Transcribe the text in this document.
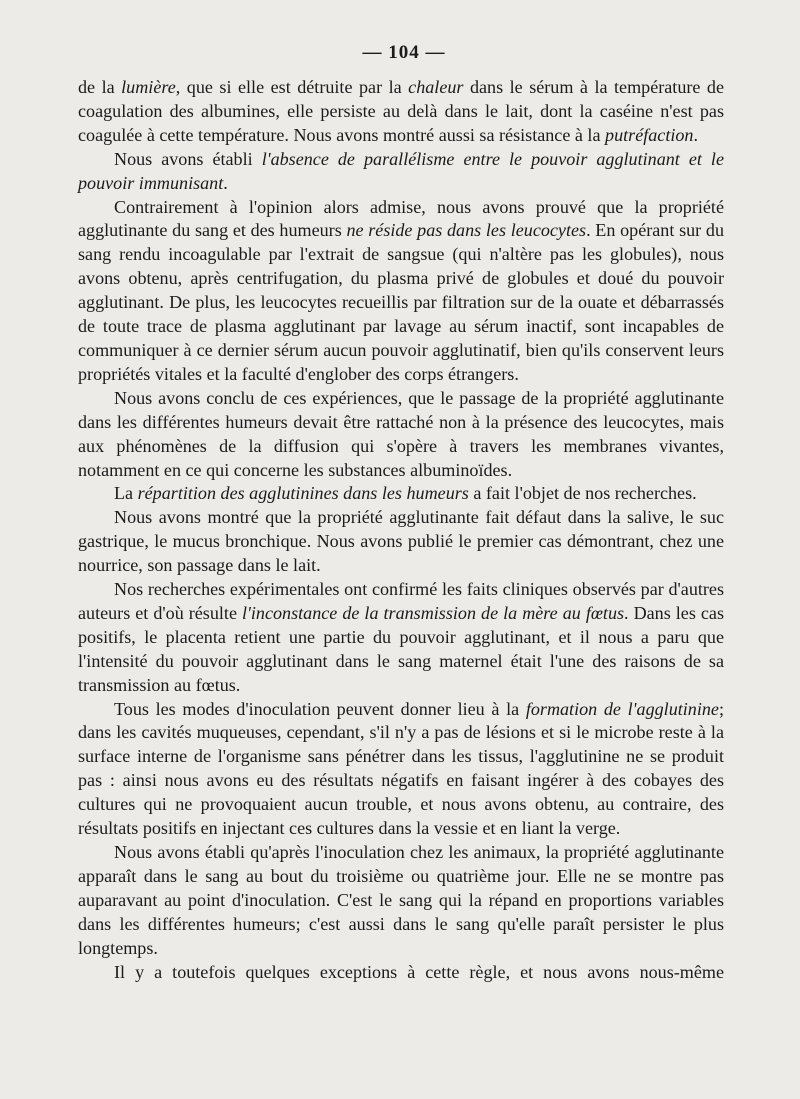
— 104 —

de la lumière, que si elle est détruite par la chaleur dans le sérum à la température de coagulation des albumines, elle persiste au delà dans le lait, dont la caséine n'est pas coagulée à cette température. Nous avons montré aussi sa résistance à la putréfaction.

Nous avons établi l'absence de parallélisme entre le pouvoir agglutinant et le pouvoir immunisant.

Contrairement à l'opinion alors admise, nous avons prouvé que la propriété agglutinante du sang et des humeurs ne réside pas dans les leucocytes. En opérant sur du sang rendu incoagulable par l'extrait de sangsue (qui n'altère pas les globules), nous avons obtenu, après centrifugation, du plasma privé de globules et doué du pouvoir agglutinant. De plus, les leucocytes recueillis par filtration sur de la ouate et débarrassés de toute trace de plasma agglutinant par lavage au sérum inactif, sont incapables de communiquer à ce dernier sérum aucun pouvoir agglutinatif, bien qu'ils conservent leurs propriétés vitales et la faculté d'englober des corps étrangers.

Nous avons conclu de ces expériences, que le passage de la propriété agglutinante dans les différentes humeurs devait être rattaché non à la présence des leucocytes, mais aux phénomènes de la diffusion qui s'opère à travers les membranes vivantes, notamment en ce qui concerne les substances albuminoïdes.

La répartition des agglutinines dans les humeurs a fait l'objet de nos recherches.

Nous avons montré que la propriété agglutinante fait défaut dans la salive, le suc gastrique, le mucus bronchique. Nous avons publié le premier cas démontrant, chez une nourrice, son passage dans le lait.

Nos recherches expérimentales ont confirmé les faits cliniques observés par d'autres auteurs et d'où résulte l'inconstance de la transmission de la mère au fœtus. Dans les cas positifs, le placenta retient une partie du pouvoir agglutinant, et il nous a paru que l'intensité du pouvoir agglutinant dans le sang maternel était l'une des raisons de sa transmission au fœtus.

Tous les modes d'inoculation peuvent donner lieu à la formation de l'agglutinine; dans les cavités muqueuses, cependant, s'il n'y a pas de lésions et si le microbe reste à la surface interne de l'organisme sans pénétrer dans les tissus, l'agglutinine ne se produit pas : ainsi nous avons eu des résultats négatifs en faisant ingérer à des cobayes des cultures qui ne provoquaient aucun trouble, et nous avons obtenu, au contraire, des résultats positifs en injectant ces cultures dans la vessie et en liant la verge.

Nous avons établi qu'après l'inoculation chez les animaux, la propriété agglutinante apparaît dans le sang au bout du troisième ou quatrième jour. Elle ne se montre pas auparavant au point d'inoculation. C'est le sang qui la répand en proportions variables dans les différentes humeurs; c'est aussi dans le sang qu'elle paraît persister le plus longtemps.

Il y a toutefois quelques exceptions à cette règle, et nous avons nous-même
